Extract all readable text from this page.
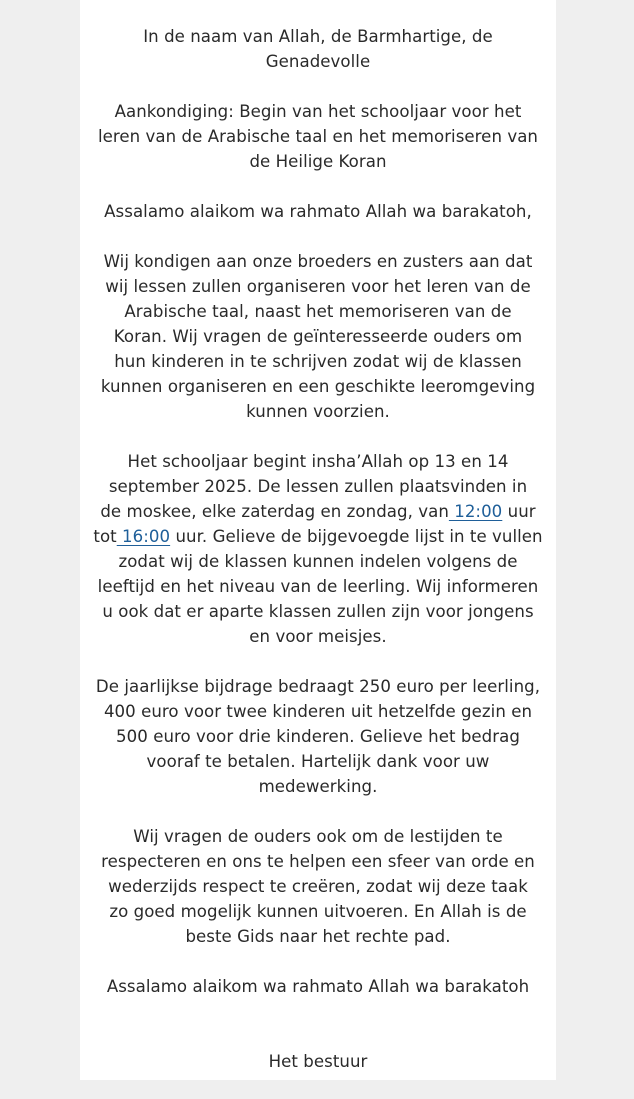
In de naam van Allah, de Barmhartige, de
Genadevolle

Aankondiging: Begin van het schooljaar voor het
leren van de Arabische taal en het memoriseren van
de Heilige Koran

Assalamo alaikom wa rahmato Allah wa barakatoh,

Wij kondigen aan onze broeders en zusters aan dat
wij lessen zullen organiseren voor het leren van de
Arabische taal, naast het memoriseren van de
Koran. Wij vragen de geïnteresseerde ouders om
hun kinderen in te schrijven zodat wij de klassen
kunnen organiseren en een geschikte leeromgeving
kunnen voorzien.

Het schooljaar begint insha’Allah op 13 en 14
september 2025. De lessen zullen plaatsvinden in
de moskee, elke zaterdag en zondag, van 12:00 uur
tot 16:00 uur. Gelieve de bijgevoegde lijst in te vullen
zodat wij de klassen kunnen indelen volgens de
leeftijd en het niveau van de leerling. Wij informeren
u ook dat er aparte klassen zullen zijn voor jongens
en voor meisjes.

De jaarlijkse bijdrage bedraagt 250 euro per leerling,
400 euro voor twee kinderen uit hetzelfde gezin en
500 euro voor drie kinderen. Gelieve het bedrag
vooraf te betalen. Hartelijk dank voor uw
medewerking.

Wij vragen de ouders ook om de lestijden te
respecteren en ons te helpen een sfeer van orde en
wederzijds respect te creëren, zodat wij deze taak
zo goed mogelijk kunnen uitvoeren. En Allah is de
beste Gids naar het rechte pad.

Assalamo alaikom wa rahmato Allah wa barakatoh

Het bestuur
